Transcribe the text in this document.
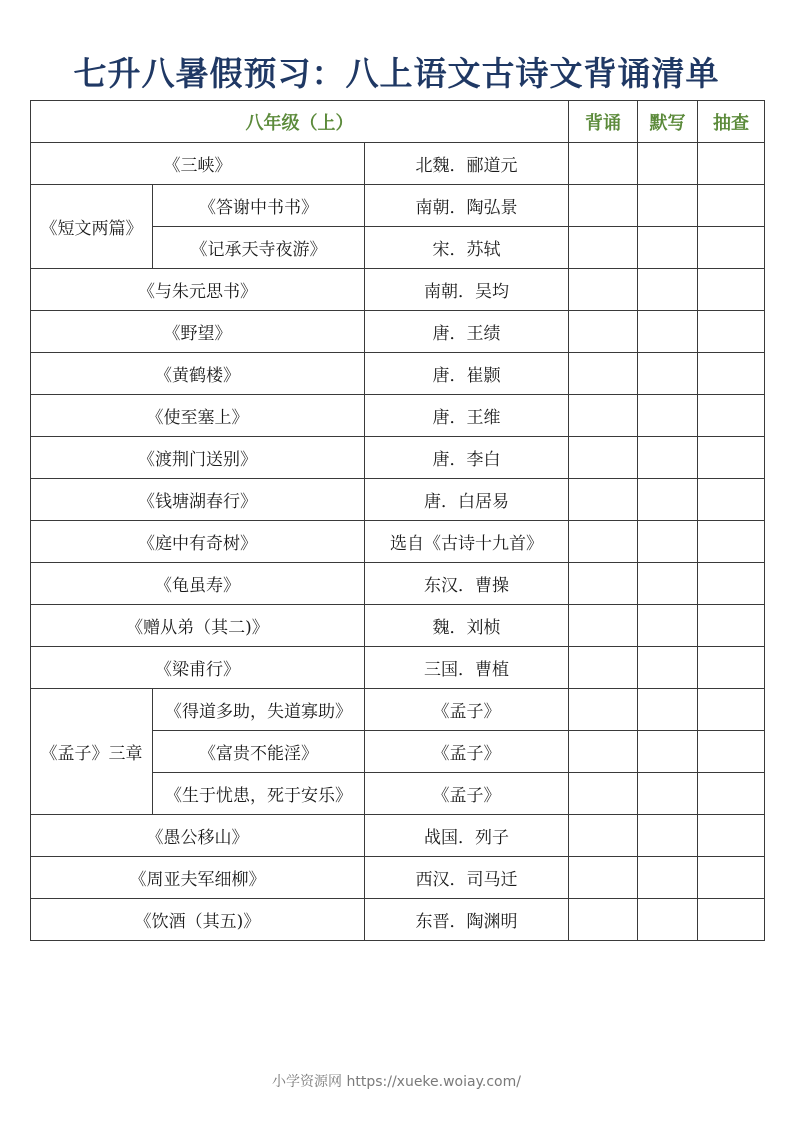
七升八暑假预习：八上语文古诗文背诵清单
八年级（上）			背诵	默写	抽查
《三峡》		北魏．郦道元			
《短文两篇》	《答谢中书书》	南朝．陶弘景			
	《记承天寺夜游》	宋．苏轼			
《与朱元思书》		南朝．吴均			
《野望》		唐．王绩			
《黄鹤楼》		唐．崔颢			
《使至塞上》		唐．王维			
《渡荆门送别》		唐．李白			
《钱塘湖春行》		唐．白居易			
《庭中有奇树》		选自《古诗十九首》			
《龟虽寿》		东汉．曹操			
《赠从弟（其二)》		魏．刘桢			
《梁甫行》		三国．曹植			
《孟子》三章	《得道多助，失道寡助》	《孟子》			
	《富贵不能淫》	《孟子》			
	《生于忧患，死于安乐》	《孟子》			
《愚公移山》		战国．列子			
《周亚夫军细柳》		西汉．司马迁			
《饮酒（其五)》		东晋．陶渊明			
小学资源网 https://xueke.woiay.com/
